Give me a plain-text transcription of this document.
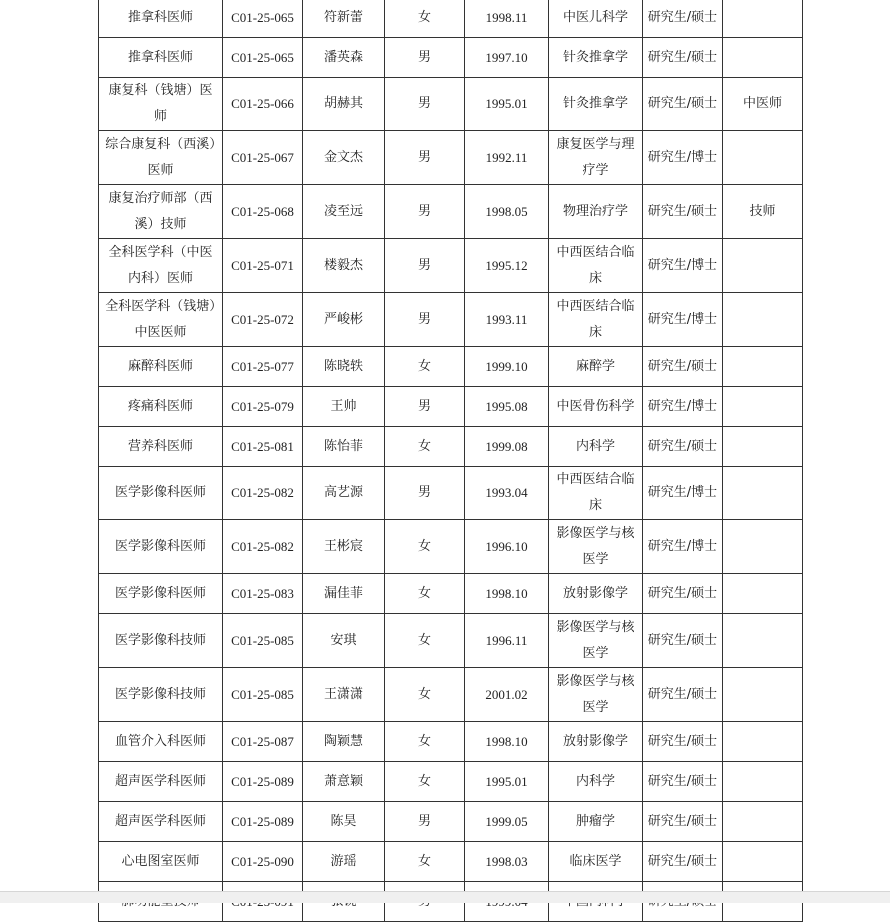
推拿科医师	C01-25-065	符新蕾	女	1998.11	中医儿科学	研究生/硕士	
推拿科医师	C01-25-065	潘英森	男	1997.10	针灸推拿学	研究生/硕士	
康复科（钱塘）医师	C01-25-066	胡赫其	男	1995.01	针灸推拿学	研究生/硕士	中医师
综合康复科（西溪）医师	C01-25-067	金文杰	男	1992.11	康复医学与理疗学	研究生/博士	
康复治疗师部（西溪）技师	C01-25-068	凌至远	男	1998.05	物理治疗学	研究生/硕士	技师
全科医学科（中医内科）医师	C01-25-071	楼毅杰	男	1995.12	中西医结合临床	研究生/博士	
全科医学科（钱塘）中医医师	C01-25-072	严峻彬	男	1993.11	中西医结合临床	研究生/博士	
麻醉科医师	C01-25-077	陈晓轶	女	1999.10	麻醉学	研究生/硕士	
疼痛科医师	C01-25-079	王帅	男	1995.08	中医骨伤科学	研究生/博士	
营养科医师	C01-25-081	陈怡菲	女	1999.08	内科学	研究生/硕士	
医学影像科医师	C01-25-082	高艺源	男	1993.04	中西医结合临床	研究生/博士	
医学影像科医师	C01-25-082	王彬宸	女	1996.10	影像医学与核医学	研究生/博士	
医学影像科医师	C01-25-083	漏佳菲	女	1998.10	放射影像学	研究生/硕士	
医学影像科技师	C01-25-085	安琪	女	1996.11	影像医学与核医学	研究生/硕士	
医学影像科技师	C01-25-085	王潇潇	女	2001.02	影像医学与核医学	研究生/硕士	
血管介入科医师	C01-25-087	陶颖慧	女	1998.10	放射影像学	研究生/硕士	
超声医学科医师	C01-25-089	萧意颖	女	1995.01	内科学	研究生/硕士	
超声医学科医师	C01-25-089	陈昊	男	1999.05	肿瘤学	研究生/硕士	
心电图室医师	C01-25-090	游瑶	女	1998.03	临床医学	研究生/硕士	
